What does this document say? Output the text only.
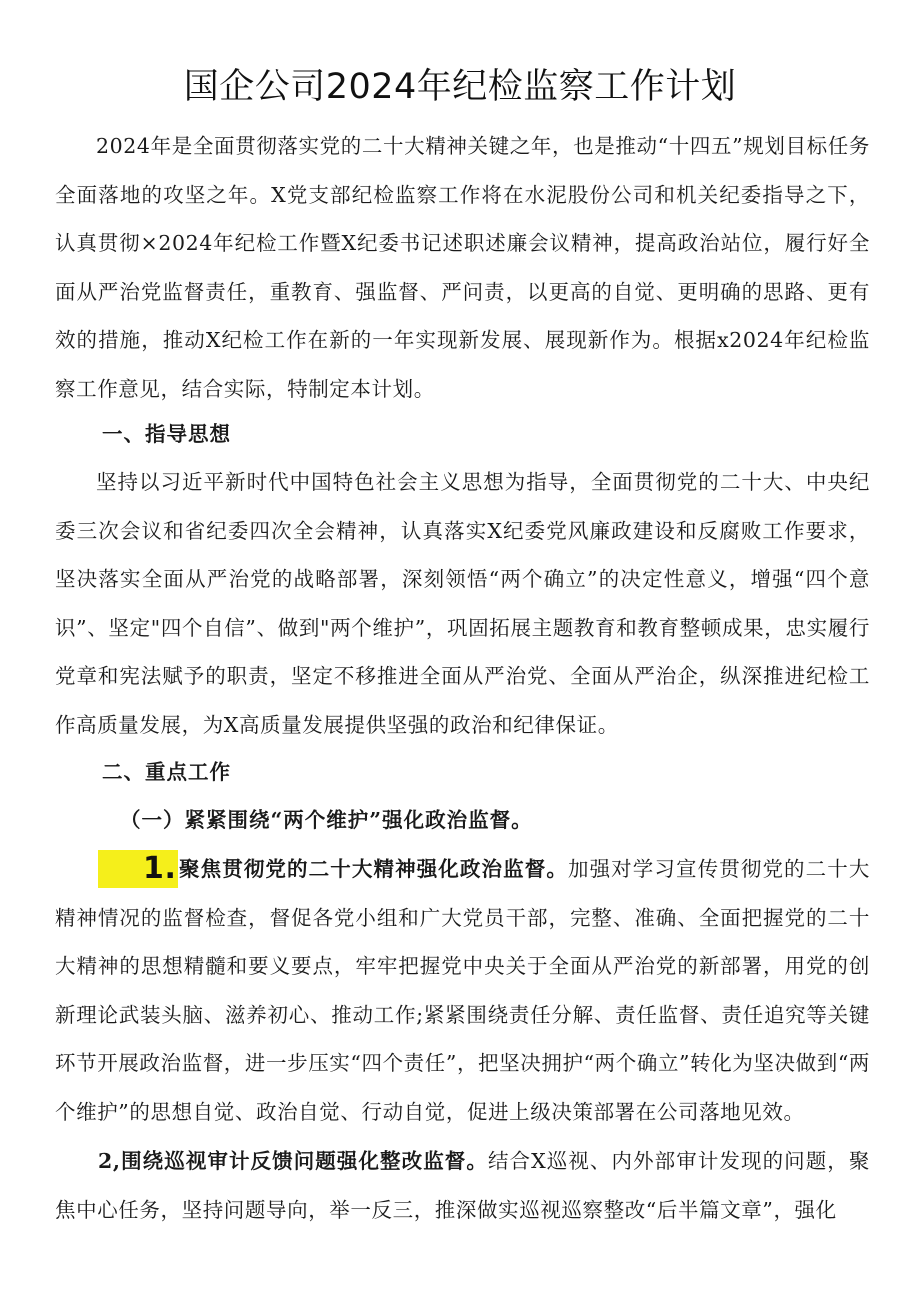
国企公司2024年纪检监察工作计划

2024年是全面贯彻落实党的二十大精神关键之年，也是推动“十四五”规划目标任务全面落地的攻坚之年。X党支部纪检监察工作将在水泥股份公司和机关纪委指导之下，认真贯彻×2024年纪检工作暨X纪委书记述职述廉会议精神，提高政治站位，履行好全面从严治党监督责任，重教育、强监督、严问责，以更高的自觉、更明确的思路、更有效的措施，推动X纪检工作在新的一年实现新发展、展现新作为。根据x2024年纪检监察工作意见，结合实际，特制定本计划。

一、指导思想

坚持以习近平新时代中国特色社会主义思想为指导，全面贯彻党的二十大、中央纪委三次会议和省纪委四次全会精神，认真落实X纪委党风廉政建设和反腐败工作要求，坚决落实全面从严治党的战略部署，深刻领悟“两个确立”的决定性意义，增强“四个意识”、坚定"四个自信”、做到"两个维护”，巩固拓展主题教育和教育整顿成果，忠实履行党章和宪法赋予的职责，坚定不移推进全面从严治党、全面从严治企，纵深推进纪检工作高质量发展，为X高质量发展提供坚强的政治和纪律保证。

二、重点工作

（一）紧紧围绕“两个维护”强化政治监督。

1.聚焦贯彻党的二十大精神强化政治监督。加强对学习宣传贯彻党的二十大精神情况的监督检查，督促各党小组和广大党员干部，完整、准确、全面把握党的二十大精神的思想精髓和要义要点，牢牢把握党中央关于全面从严治党的新部署，用党的创新理论武装头脑、滋养初心、推动工作;紧紧围绕责任分解、责任监督、责任追究等关键环节开展政治监督，进一步压实“四个责任”，把坚决拥护“两个确立”转化为坚决做到“两个维护”的思想自觉、政治自觉、行动自觉，促进上级决策部署在公司落地见效。

2,围绕巡视审计反馈问题强化整改监督。结合X巡视、内外部审计发现的问题，聚焦中心任务，坚持问题导向，举一反三，推深做实巡视巡察整改“后半篇文章”，强化
